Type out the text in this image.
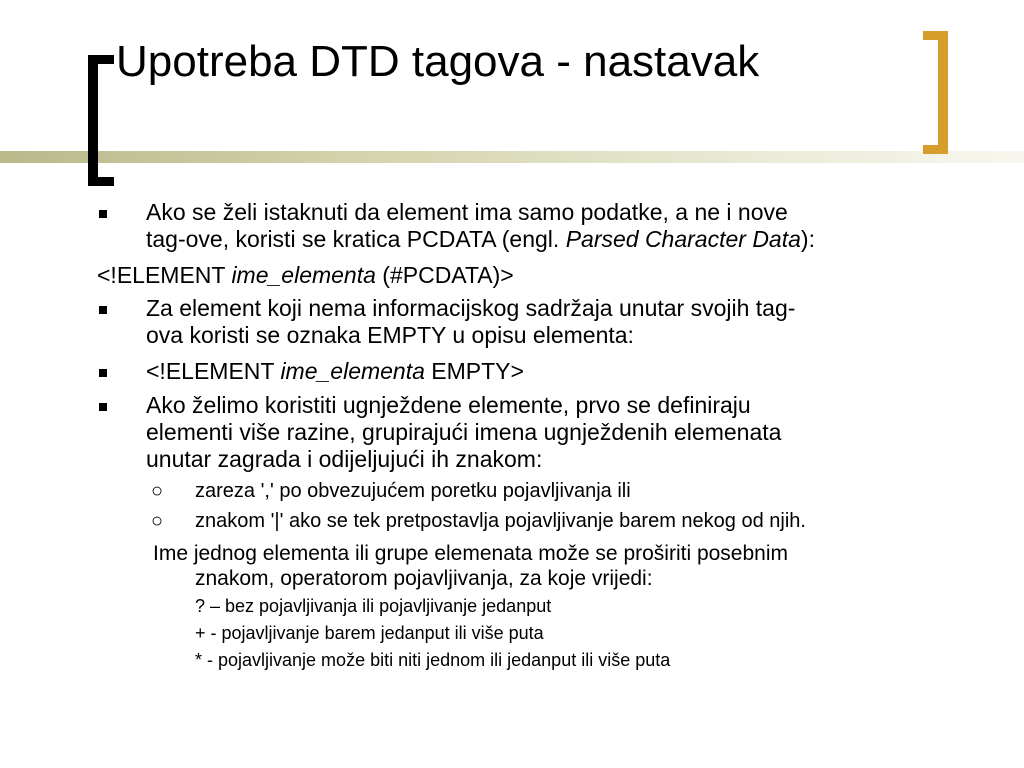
Upotreba DTD tagova - nastavak
Ako se želi istaknuti da element ima samo podatke, a ne i nove
tag-ove, koristi se kratica PCDATA (engl. Parsed Character Data):
<!ELEMENT ime_elementa (#PCDATA)>
Za element koji nema informacijskog sadržaja unutar svojih tag-
ova koristi se oznaka EMPTY u opisu elementa:
<!ELEMENT ime_elementa EMPTY>
Ako želimo koristiti ugnježdene elemente, prvo se definiraju
elementi više razine, grupirajući imena ugnježdenih elemenata
unutar zagrada i odijeljujući ih znakom:
○ zareza ',' po obvezujućem poretku pojavljivanja ili
○ znakom '|' ako se tek pretpostavlja pojavljivanje barem nekog od njih.
Ime jednog elementa ili grupe elemenata može se proširiti posebnim
znakom, operatorom pojavljivanja, za koje vrijedi:
? – bez pojavljivanja ili pojavljivanje jedanput
+ - pojavljivanje barem jedanput ili više puta
* - pojavljivanje može biti niti jednom ili jedanput ili više puta
